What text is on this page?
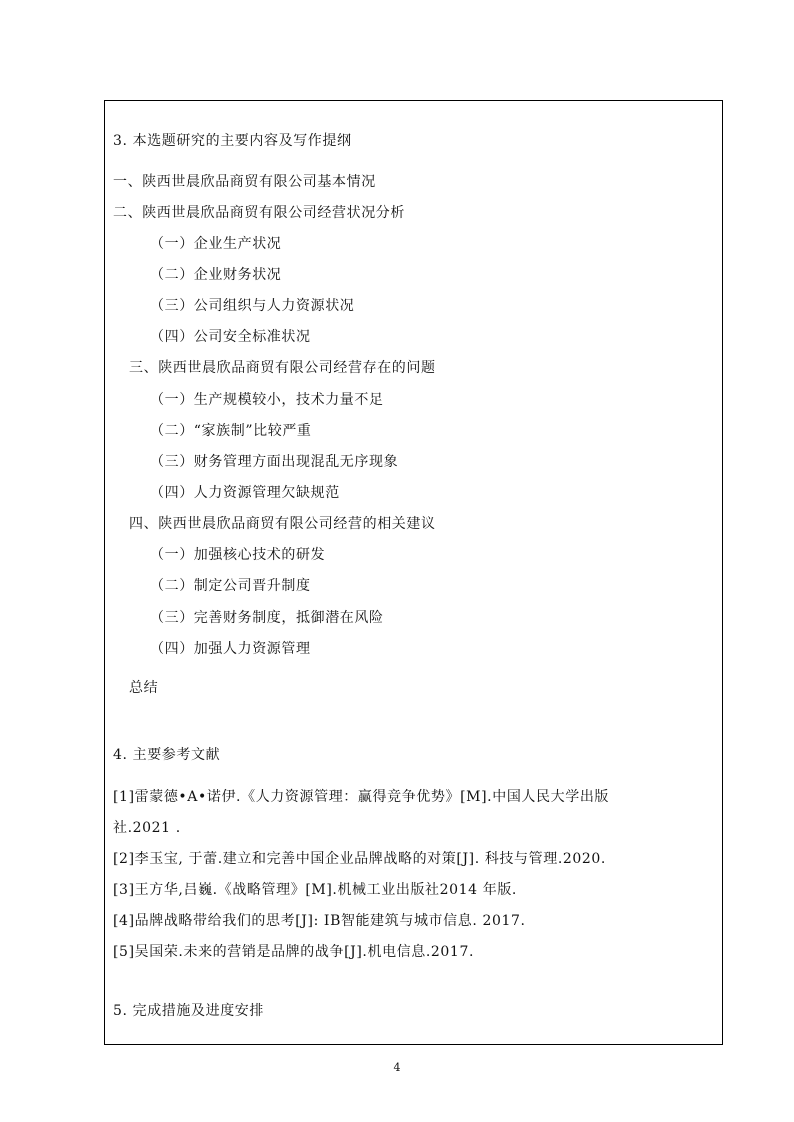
3. 本选题研究的主要内容及写作提纲
一、陕西世晨欣品商贸有限公司基本情况
二、陕西世晨欣品商贸有限公司经营状况分析
（一）企业生产状况
（二）企业财务状况
（三）公司组织与人力资源状况
（四）公司安全标准状况
三、陕西世晨欣品商贸有限公司经营存在的问题
（一）生产规模较小，技术力量不足
（二）“家族制”比较严重
（三）财务管理方面出现混乱无序现象
（四）人力资源管理欠缺规范
四、陕西世晨欣品商贸有限公司经营的相关建议
（一）加强核心技术的研发
（二）制定公司晋升制度
（三）完善财务制度，抵御潜在风险
（四）加强人力资源管理
总结
4. 主要参考文献
[1]雷蒙德•A•诺伊.《人力资源管理：赢得竞争优势》[M].中国人民大学出版
社.2021 .
[2]李玉宝, 于蕾.建立和完善中国企业品牌战略的对策[J]. 科技与管理.2020.
[3]王方华,吕巍.《战略管理》[M].机械工业出版社2014 年版.
[4]品牌战略带给我们的思考[J]: IB智能建筑与城市信息. 2017.
[5]吴国荣.未来的营销是品牌的战争[J].机电信息.2017.
5. 完成措施及进度安排
4
